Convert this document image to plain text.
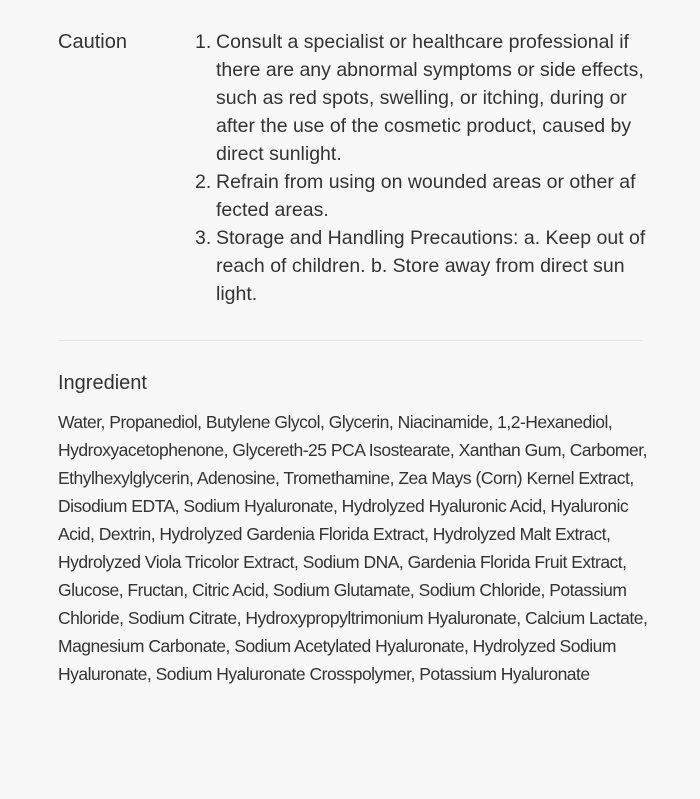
Caution	1. Consult a specialist or healthcare professional if there are any abnormal symptoms or side effects, such as red spots, swelling, or itching, during or after the use of the cosmetic product, caused by direct sunlight.
2. Refrain from using on wounded areas or other af fected areas.
3. Storage and Handling Precautions: a. Keep out of reach of children. b. Store away from direct sun light.
Ingredient

Water, Propanediol, Butylene Glycol, Glycerin, Niacinamide, 1,2-Hexanediol, Hydroxyacetophenone, Glycereth-25 PCA Isostearate, Xanthan Gum, Carbomer, Ethylhexylglycerin, Adenosine, Tromethamine, Zea Mays (Corn) Kernel Extract, Disodium EDTA, Sodium Hyaluronate, Hydrolyzed Hyaluronic Acid, Hyaluronic Acid, Dextrin, Hydrolyzed Gardenia Florida Extract, Hydrolyzed Malt Extract, Hydrolyzed Viola Tricolor Extract, Sodium DNA, Gardenia Florida Fruit Extract, Glucose, Fructan, Citric Acid, Sodium Glutamate, Sodium Chloride, Potassium Chloride, Sodium Citrate, Hydroxypropyltrimonium Hyaluronate, Calcium Lactate, Magnesium Carbonate, Sodium Acetylated Hyaluronate, Hydrolyzed Sodium Hyaluronate, Sodium Hyaluronate Crosspolymer, Potassium Hyaluronate
